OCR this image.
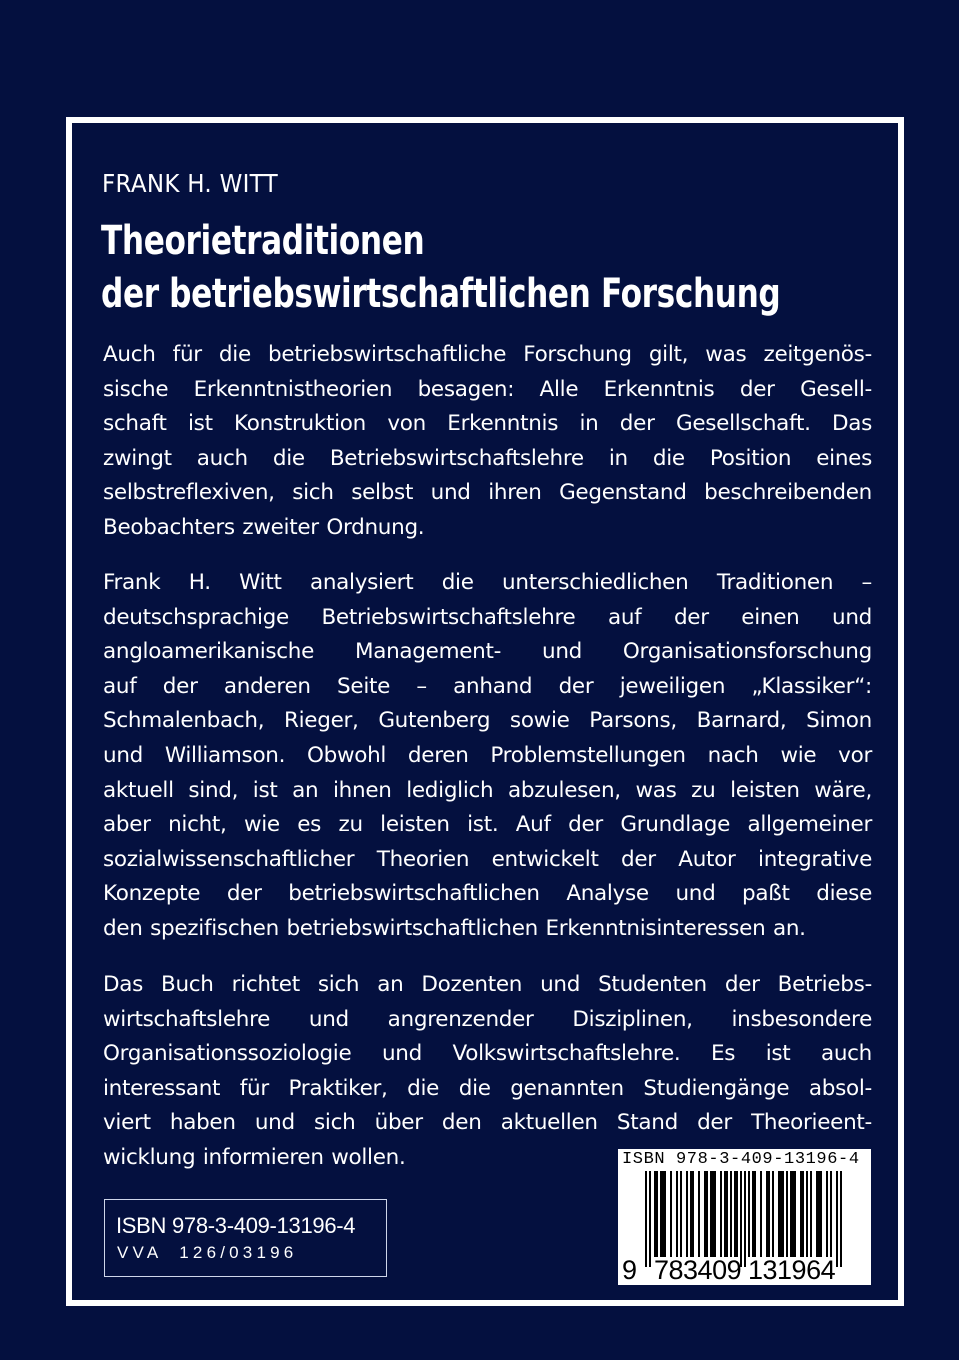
FRANK H. WITT
Theorietraditionen
der betriebswirtschaftlichen Forschung

Auch für die betriebswirtschaftliche Forschung gilt, was zeitgenös-
sische Erkenntnistheorien besagen: Alle Erkenntnis der Gesell-
schaft ist Konstruktion von Erkenntnis in der Gesellschaft. Das
zwingt auch die Betriebswirtschaftslehre in die Position eines
selbstreflexiven, sich selbst und ihren Gegenstand beschreibenden
Beobachters zweiter Ordnung.

Frank H. Witt analysiert die unterschiedlichen Traditionen –
deutschsprachige Betriebswirtschaftslehre auf der einen und
angloamerikanische Management- und Organisationsforschung
auf der anderen Seite – anhand der jeweiligen „Klassiker“:
Schmalenbach, Rieger, Gutenberg sowie Parsons, Barnard, Simon
und Williamson. Obwohl deren Problemstellungen nach wie vor
aktuell sind, ist an ihnen lediglich abzulesen, was zu leisten wäre,
aber nicht, wie es zu leisten ist. Auf der Grundlage allgemeiner
sozialwissenschaftlicher Theorien entwickelt der Autor integrative
Konzepte der betriebswirtschaftlichen Analyse und paßt diese
den spezifischen betriebswirtschaftlichen Erkenntnisinteressen an.

Das Buch richtet sich an Dozenten und Studenten der Betriebs-
wirtschaftslehre und angrenzender Disziplinen, insbesondere
Organisationssoziologie und Volkswirtschaftslehre. Es ist auch
interessant für Praktiker, die die genannten Studiengänge absol-
viert haben und sich über den aktuellen Stand der Theorieent-
wicklung informieren wollen.

ISBN 978-3-409-13196-4
VVA  126/03196
ISBN 978-3-409-13196-4
9 783409 131964
